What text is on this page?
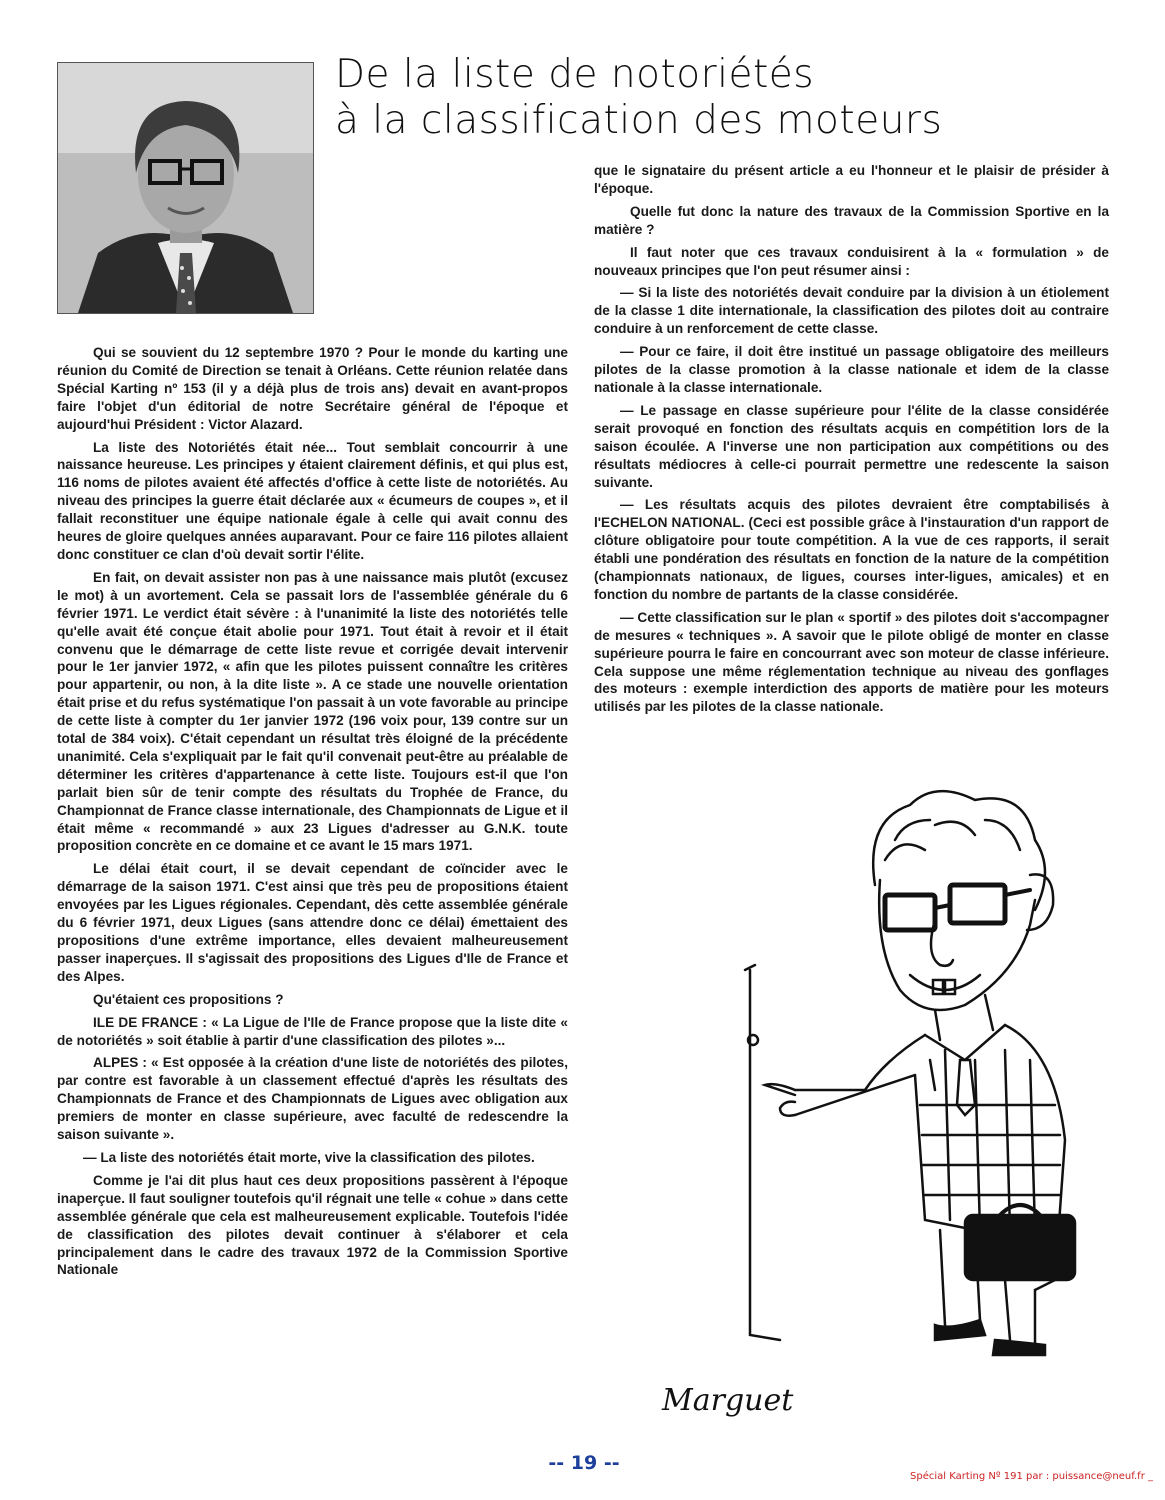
De la liste de notoriétés
à la classification des moteurs

Qui se souvient du 12 septembre 1970 ? Pour le monde du karting une réunion du Comité de Direction se tenait à Orléans. Cette réunion relatée dans Spécial Karting nº 153 (il y a déjà plus de trois ans) devait en avant-propos faire l'objet d'un éditorial de notre Secrétaire général de l'époque et aujourd'hui Président : Victor Alazard.

La liste des Notoriétés était née... Tout semblait concourrir à une naissance heureuse. Les principes y étaient clairement définis, et qui plus est, 116 noms de pilotes avaient été affectés d'office à cette liste de notoriétés. Au niveau des principes la guerre était déclarée aux « écumeurs de coupes », et il fallait reconstituer une équipe nationale égale à celle qui avait connu des heures de gloire quelques années auparavant. Pour ce faire 116 pilotes allaient donc constituer ce clan d'où devait sortir l'élite.

En fait, on devait assister non pas à une naissance mais plutôt (excusez le mot) à un avortement. Cela se passait lors de l'assemblée générale du 6 février 1971. Le verdict était sévère : à l'unanimité la liste des notoriétés telle qu'elle avait été conçue était abolie pour 1971. Tout était à revoir et il était convenu que le démarrage de cette liste revue et corrigée devait intervenir pour le 1er janvier 1972, « afin que les pilotes puissent connaître les critères pour appartenir, ou non, à la dite liste ». A ce stade une nouvelle orientation était prise et du refus systématique l'on passait à un vote favorable au principe de cette liste à compter du 1er janvier 1972 (196 voix pour, 139 contre sur un total de 384 voix). C'était cependant un résultat très éloigné de la précédente unanimité. Cela s'expliquait par le fait qu'il convenait peut-être au préalable de déterminer les critères d'appartenance à cette liste. Toujours est-il que l'on parlait bien sûr de tenir compte des résultats du Trophée de France, du Championnat de France classe internationale, des Championnats de Ligue et il était même « recommandé » aux 23 Ligues d'adresser au G.N.K. toute proposition concrète en ce domaine et ce avant le 15 mars 1971.

Le délai était court, il se devait cependant de coïncider avec le démarrage de la saison 1971. C'est ainsi que très peu de propositions étaient envoyées par les Ligues régionales. Cependant, dès cette assemblée générale du 6 février 1971, deux Ligues (sans attendre donc ce délai) émettaient des propositions d'une extrême importance, elles devaient malheureusement passer inaperçues. Il s'agissait des propositions des Ligues d'Ile de France et des Alpes.

Qu'étaient ces propositions ?

ILE DE FRANCE : « La Ligue de l'Ile de France propose que la liste dite « de notoriétés » soit établie à partir d'une classification des pilotes »...

ALPES : « Est opposée à la création d'une liste de notoriétés des pilotes, par contre est favorable à un classement effectué d'après les résultats des Championnats de France et des Championnats de Ligues avec obligation aux premiers de monter en classe supérieure, avec faculté de redescendre la saison suivante ».

— La liste des notoriétés était morte, vive la classification des pilotes.

Comme je l'ai dit plus haut ces deux propositions passèrent à l'époque inaperçue. Il faut souligner toutefois qu'il régnait une telle « cohue » dans cette assemblée générale que cela est malheureusement explicable. Toutefois l'idée de classification des pilotes devait continuer à s'élaborer et cela principalement dans le cadre des travaux 1972 de la Commission Sportive Nationale

que le signataire du présent article a eu l'honneur et le plaisir de présider à l'époque.

Quelle fut donc la nature des travaux de la Commission Sportive en la matière ?

Il faut noter que ces travaux conduisirent à la « formulation » de nouveaux principes que l'on peut résumer ainsi :

— Si la liste des notoriétés devait conduire par la division à un étiolement de la classe 1 dite internationale, la classification des pilotes doit au contraire conduire à un renforcement de cette classe.

— Pour ce faire, il doit être institué un passage obligatoire des meilleurs pilotes de la classe promotion à la classe nationale et idem de la classe nationale à la classe internationale.

— Le passage en classe supérieure pour l'élite de la classe considérée serait provoqué en fonction des résultats acquis en compétition lors de la saison écoulée. A l'inverse une non participation aux compétitions ou des résultats médiocres à celle-ci pourrait permettre une redescente la saison suivante.

— Les résultats acquis des pilotes devraient être comptabilisés à l'ECHELON NATIONAL. (Ceci est possible grâce à l'instauration d'un rapport de clôture obligatoire pour toute compétition. A la vue de ces rapports, il serait établi une pondération des résultats en fonction de la nature de la compétition (championnats nationaux, de ligues, courses inter-ligues, amicales) et en fonction du nombre de partants de la classe considérée.

— Cette classification sur le plan « sportif » des pilotes doit s'accompagner de mesures « techniques ». A savoir que le pilote obligé de monter en classe supérieure pourra le faire en concourrant avec son moteur de classe inférieure. Cela suppose une même réglementation technique au niveau des gonflages des moteurs : exemple interdiction des apports de matière pour les moteurs utilisés par les pilotes de la classe nationale.

Marguet
-- 19 --
Spécial Karting Nº 191 par : puissance@neuf.fr _
